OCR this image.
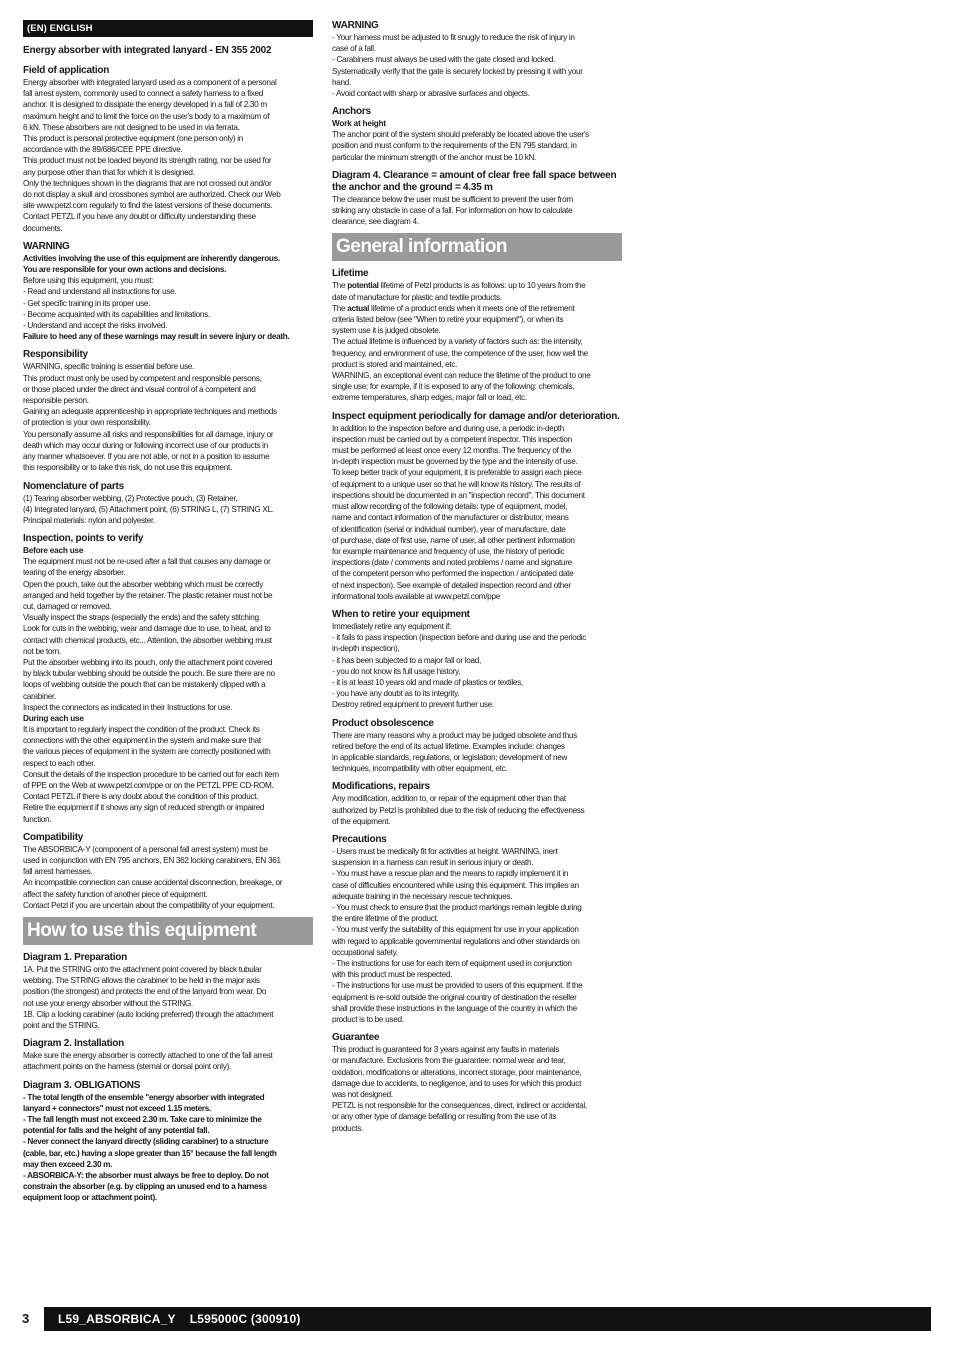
(EN) ENGLISH
Energy absorber with integrated lanyard - EN 355 2002
Field of application

Energy absorber with integrated lanyard used as a component of a personal
fall arrest system, commonly used to connect a safety harness to a fixed
anchor. It is designed to dissipate the energy developed in a fall of 2.30 m
maximum height and to limit the force on the user's body to a maximum of
6 kN. These absorbers are not designed to be used in via ferrata.
This product is personal protective equipment (one person only) in
accordance with the 89/686/CEE PPE directive.
This product must not be loaded beyond its strength rating, nor be used for
any purpose other than that for which it is designed.
Only the techniques shown in the diagrams that are not crossed out and/or
do not display a skull and crossbones symbol are authorized. Check our Web
site www.petzl.com regularly to find the latest versions of these documents.
Contact PETZL if you have any doubt or difficulty understanding these
documents.

WARNING

Activities involving the use of this equipment are inherently dangerous.
You are responsible for your own actions and decisions.

Before using this equipment, you must:
- Read and understand all instructions for use.
- Get specific training in its proper use.
- Become acquainted with its capabilities and limitations.
- Understand and accept the risks involved.

Failure to heed any of these warnings may result in severe injury or death.

Responsibility

WARNING, specific training is essential before use.
This product must only be used by competent and responsible persons,
or those placed under the direct and visual control of a competent and
responsible person.
Gaining an adequate apprenticeship in appropriate techniques and methods
of protection is your own responsibility.
You personally assume all risks and responsibilities for all damage, injury or
death which may occur during or following incorrect use of our products in
any manner whatsoever. If you are not able, or not in a position to assume
this responsibility or to take this risk, do not use this equipment.

Nomenclature of parts

(1) Tearing absorber webbing, (2) Protective pouch, (3) Retainer,
(4) Integrated lanyard, (5) Attachment point, (6) STRING L, (7) STRING XL.
Principal materials: nylon and polyester.

Inspection, points to verify
Before each use

The equipment must not be re-used after a fall that causes any damage or
tearing of the energy absorber.
Open the pouch, take out the absorber webbing which must be correctly
arranged and held together by the retainer. The plastic retainer must not be
cut, damaged or removed.
Visually inspect the straps (especially the ends) and the safety stitching.
Look for cuts in the webbing, wear and damage due to use, to heat, and to
contact with chemical products, etc... Attention, the absorber webbing must
not be torn.
Put the absorber webbing into its pouch, only the attachment point covered
by black tubular webbing should be outside the pouch. Be sure there are no
loops of webbing outside the pouch that can be mistakenly clipped with a
carabiner.
Inspect the connectors as indicated in their Instructions for use.

During each use

It is important to regularly inspect the condition of the product. Check its
connections with the other equipment in the system and make sure that
the various pieces of equipment in the system are correctly positioned with
respect to each other.
Consult the details of the inspection procedure to be carried out for each item
of PPE on the Web at www.petzl.com/ppe or on the PETZL PPE CD-ROM.
Contact PETZL if there is any doubt about the condition of this product.
Retire the equipment if it shows any sign of reduced strength or impaired
function.

Compatibility

The ABSORBICA-Y (component of a personal fall arrest system) must be
used in conjunction with EN 795 anchors, EN 362 locking carabiners, EN 361
fall arrest harnesses.
An incompatible connection can cause accidental disconnection, breakage, or
affect the safety function of another piece of equipment.
Contact Petzl if you are uncertain about the compatibility of your equipment.

How to use this equipment
Diagram 1. Preparation

1A. Put the STRING onto the attachment point covered by black tubular
webbing. The STRING allows the carabiner to be held in the major axis
position (the strongest) and protects the end of the lanyard from wear. Do
not use your energy absorber without the STRING.
1B. Clip a locking carabiner (auto locking preferred) through the attachment
point and the STRING.

Diagram 2. Installation

Make sure the energy absorber is correctly attached to one of the fall arrest
attachment points on the harness (sternal or dorsal point only).

Diagram 3. OBLIGATIONS

- The total length of the ensemble "energy absorber with integrated
lanyard + connectors" must not exceed 1.15 meters.
- The fall length must not exceed 2.30 m. Take care to minimize the
potential for falls and the height of any potential fall.
- Never connect the lanyard directly (sliding carabiner) to a structure
(cable, bar, etc.) having a slope greater than 15° because the fall length
may then exceed 2.30 m.
- ABSORBICA-Y: the absorber must always be free to deploy. Do not
constrain the absorber (e.g. by clipping an unused end to a harness
equipment loop or attachment point).

WARNING

- Your harness must be adjusted to fit snugly to reduce the risk of injury in
case of a fall.
- Carabiners must always be used with the gate closed and locked.
Systematically verify that the gate is securely locked by pressing it with your
hand.
- Avoid contact with sharp or abrasive surfaces and objects.

Anchors
Work at height

The anchor point of the system should preferably be located above the user's
position and must conform to the requirements of the EN 795 standard, in
particular the minimum strength of the anchor must be 10 kN.

Diagram 4. Clearance = amount of clear free fall space between
the anchor and the ground = 4.35 m

The clearance below the user must be sufficient to prevent the user from
striking any obstacle in case of a fall. For information on how to calculate
clearance, see diagram 4.

General information
Lifetime

The potential lifetime of Petzl products is as follows: up to 10 years from the
date of manufacture for plastic and textile products.

The actual lifetime of a product ends when it meets one of the retirement
criteria listed below (see "When to retire your equipment"), or when its
system use it is judged obsolete.

The actual lifetime is influenced by a variety of factors such as: the intensity,
frequency, and environment of use, the competence of the user, how well the
product is stored and maintained, etc.
WARNING, an exceptional event can reduce the lifetime of the product to one
single use; for example, if it is exposed to any of the following: chemicals,
extreme temperatures, sharp edges, major fall or load, etc.

Inspect equipment periodically for damage and/or deterioration.

In addition to the inspection before and during use, a periodic in-depth
inspection must be carried out by a competent inspector. This inspection
must be performed at least once every 12 months. The frequency of the
in-depth inspection must be governed by the type and the intensity of use.
To keep better track of your equipment, it is preferable to assign each piece
of equipment to a unique user so that he will know its history. The results of
inspections should be documented in an "inspection record". This document
must allow recording of the following details: type of equipment, model,
name and contact information of the manufacturer or distributor, means
of identification (serial or individual number), year of manufacture, date
of purchase, date of first use, name of user, all other pertinent information
for example maintenance and frequency of use, the history of periodic
inspections (date / comments and noted problems / name and signature
of the competent person who performed the inspection / anticipated date
of next inspection). See example of detailed inspection record and other
informational tools available at www.petzl.com/ppe

When to retire your equipment

Immediately retire any equipment if:
- it fails to pass inspection (inspection before and during use and the periodic
in-depth inspection),
- it has been subjected to a major fall or load,
- you do not know its full usage history,
- it is at least 10 years old and made of plastics or textiles,
- you have any doubt as to its integrity.
Destroy retired equipment to prevent further use.

Product obsolescence

There are many reasons why a product may be judged obsolete and thus
retired before the end of its actual lifetime. Examples include: changes
in applicable standards, regulations, or legislation; development of new
techniques, incompatibility with other equipment, etc.

Modifications, repairs

Any modification, addition to, or repair of the equipment other than that
authorized by Petzl is prohibited due to the risk of reducing the effectiveness
of the equipment.

Precautions

- Users must be medically fit for activities at height. WARNING, inert
suspension in a harness can result in serious injury or death.
- You must have a rescue plan and the means to rapidly implement it in
case of difficulties encountered while using this equipment. This implies an
adequate training in the necessary rescue techniques.
- You must check to ensure that the product markings remain legible during
the entire lifetime of the product.
- You must verify the suitability of this equipment for use in your application
with regard to applicable governmental regulations and other standards on
occupational safety.
- The instructions for use for each item of equipment used in conjunction
with this product must be respected.
- The instructions for use must be provided to users of this equipment. If the
equipment is re-sold outside the original country of destination the reseller
shall provide these instructions in the language of the country in which the
product is to be used.

Guarantee

This product is guaranteed for 3 years against any faults in materials
or manufacture. Exclusions from the guarantee: normal wear and tear,
oxidation, modifications or alterations, incorrect storage, poor maintenance,
damage due to accidents, to negligence, and to uses for which this product
was not designed.
PETZL is not responsible for the consequences, direct, indirect or accidental,
or any other type of damage befalling or resulting from the use of its
products.

3	L59_ABSORBICA_Y L595000C (300910)
